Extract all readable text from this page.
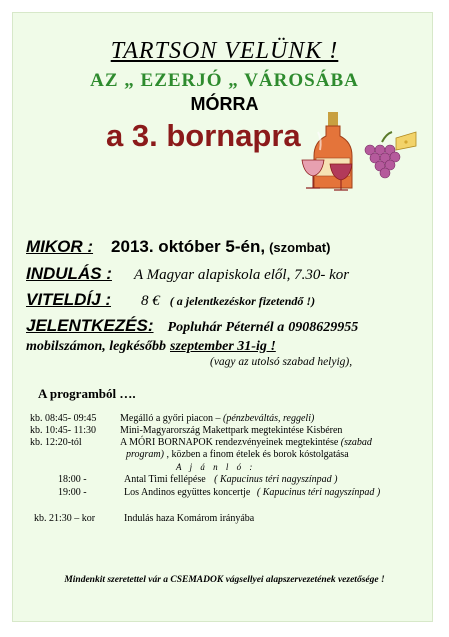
TARTSON VELÜNK !
AZ „ EZERJÓ „ VÁROSÁBA
MÓRRA
a 3. bornapra
MIKOR : 2013. október 5-én, (szombat)
INDULÁS : A Magyar alapiskola elől, 7.30- kor
VITELDÍJ : 8 € ( a jelentkezéskor fizetendő !)
JELENTKEZÉS: Popluhár Péternél a 0908629955
mobilszámon, legkésőbb szeptember 31-ig !
(vagy az utolsó szabad helyig),
A programból ….
kb. 08:45- 09:45 Megálló a győri piacon – (pénzbeváltás, reggeli)
kb. 10:45- 11:30 Mini-Magyarország Makettpark megtekintése Kisbéren
kb. 12:20-tól	A MÓRI BORNAPOK rendezvényeinek megtekintése (szabad
program) , közben a finom ételek és borok kóstolgatása
A j á n l ó :
18:00 -	Antal Timi fellépése ( Kapucinus téri nagyszínpad )
19:00 -	Los Andinos együttes koncertje ( Kapucinus téri nagyszínpad )
kb. 21:30 – kor	Indulás haza Komárom irányába
Mindenkit szeretettel vár a CSEMADOK vágsellyei alapszervezetének vezetősége !
